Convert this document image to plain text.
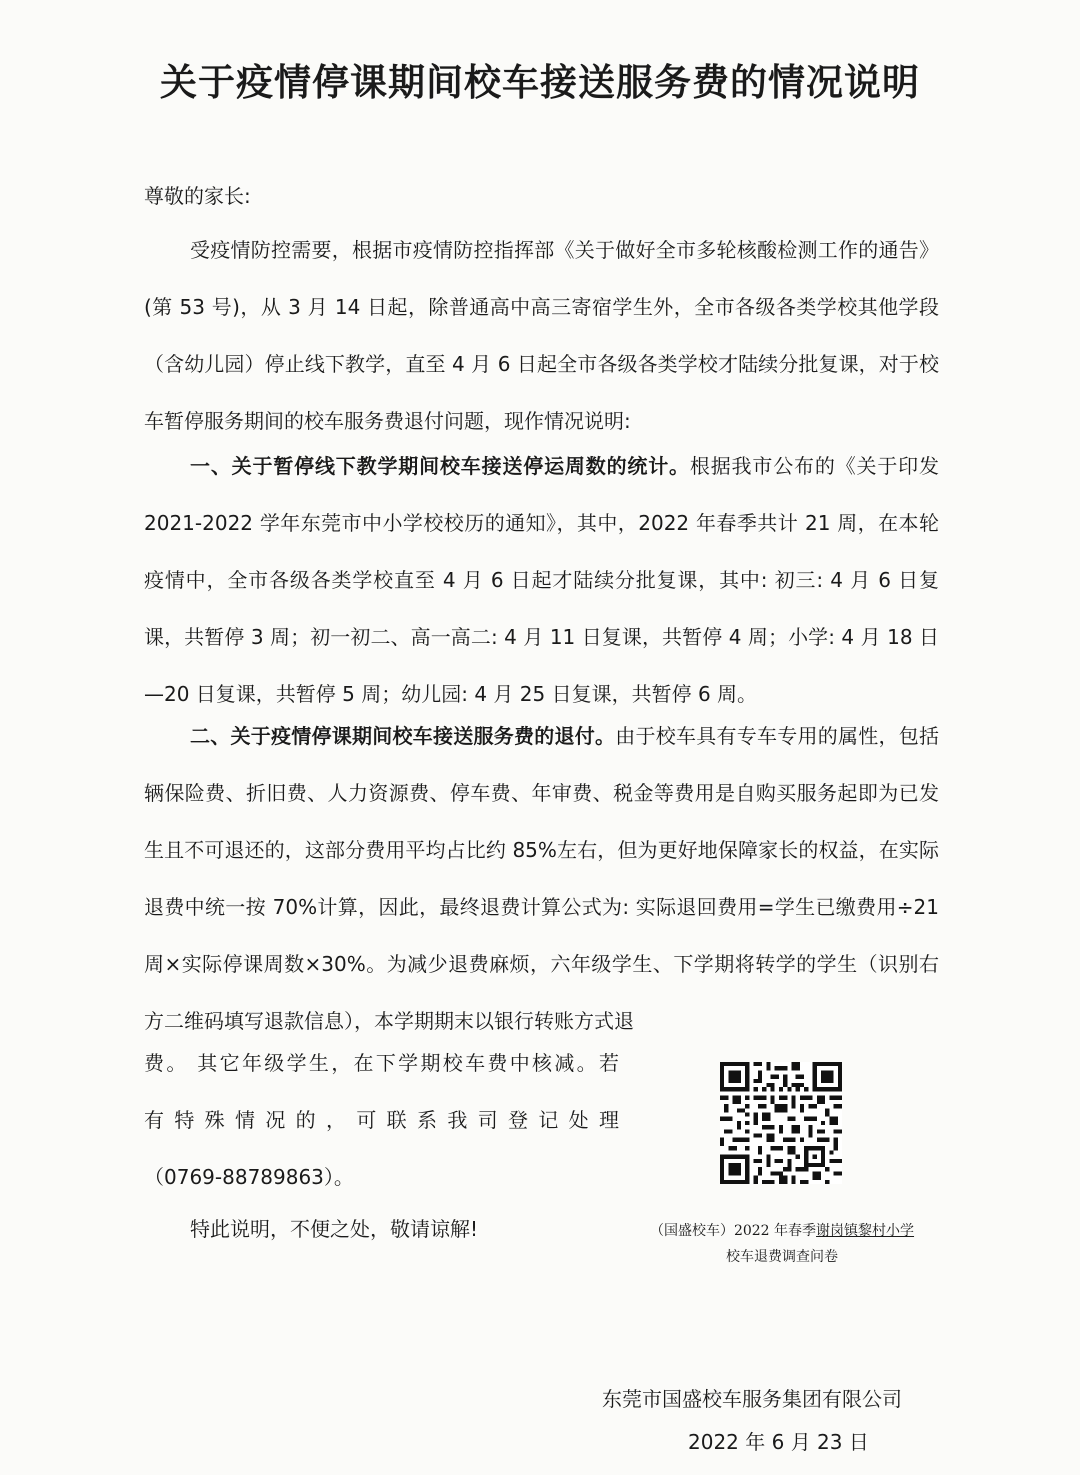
关于疫情停课期间校车接送服务费的情况说明
尊敬的家长:
受疫情防控需要，根据市疫情防控指挥部《关于做好全市多轮核酸检测工作的通告》(第 53 号)，从 3 月 14 日起，除普通高中高三寄宿学生外，全市各级各类学校其他学段（含幼儿园）停止线下教学，直至 4 月 6 日起全市各级各类学校才陆续分批复课，对于校车暂停服务期间的校车服务费退付问题，现作情况说明:
一、关于暂停线下教学期间校车接送停运周数的统计。根据我市公布的《关于印发 2021-2022 学年东莞市中小学校校历的通知》，其中，2022 年春季共计 21 周，在本轮疫情中，全市各级各类学校直至 4 月 6 日起才陆续分批复课，其中: 初三: 4 月 6 日复课，共暂停 3 周；初一初二、高一高二: 4 月 11 日复课，共暂停 4 周；小学: 4 月 18 日—20 日复课，共暂停 5 周；幼儿园: 4 月 25 日复课，共暂停 6 周。
二、关于疫情停课期间校车接送服务费的退付。由于校车具有专车专用的属性，包括辆保险费、折旧费、人力资源费、停车费、年审费、税金等费用是自购买服务起即为已发生且不可退还的，这部分费用平均占比约 85%左右，但为更好地保障家长的权益，在实际退费中统一按 70%计算，因此，最终退费计算公式为: 实际退回费用=学生已缴费用÷21 周×实际停课周数×30%。为减少退费麻烦，六年级学生、下学期将转学的学生（识别右方二维码填写退款信息），本学期期末以银行转账方式退
费。 其它年级学生，在下学期校车费中核减。若
有特殊情况的，可联系我司登记处理
（0769-88789863）。
特此说明，不便之处，敬请谅解!	（国盛校车）2022 年春季谢岗镇黎村小学
校车退费调查问卷
东莞市国盛校车服务集团有限公司
2022 年 6 月 23 日
